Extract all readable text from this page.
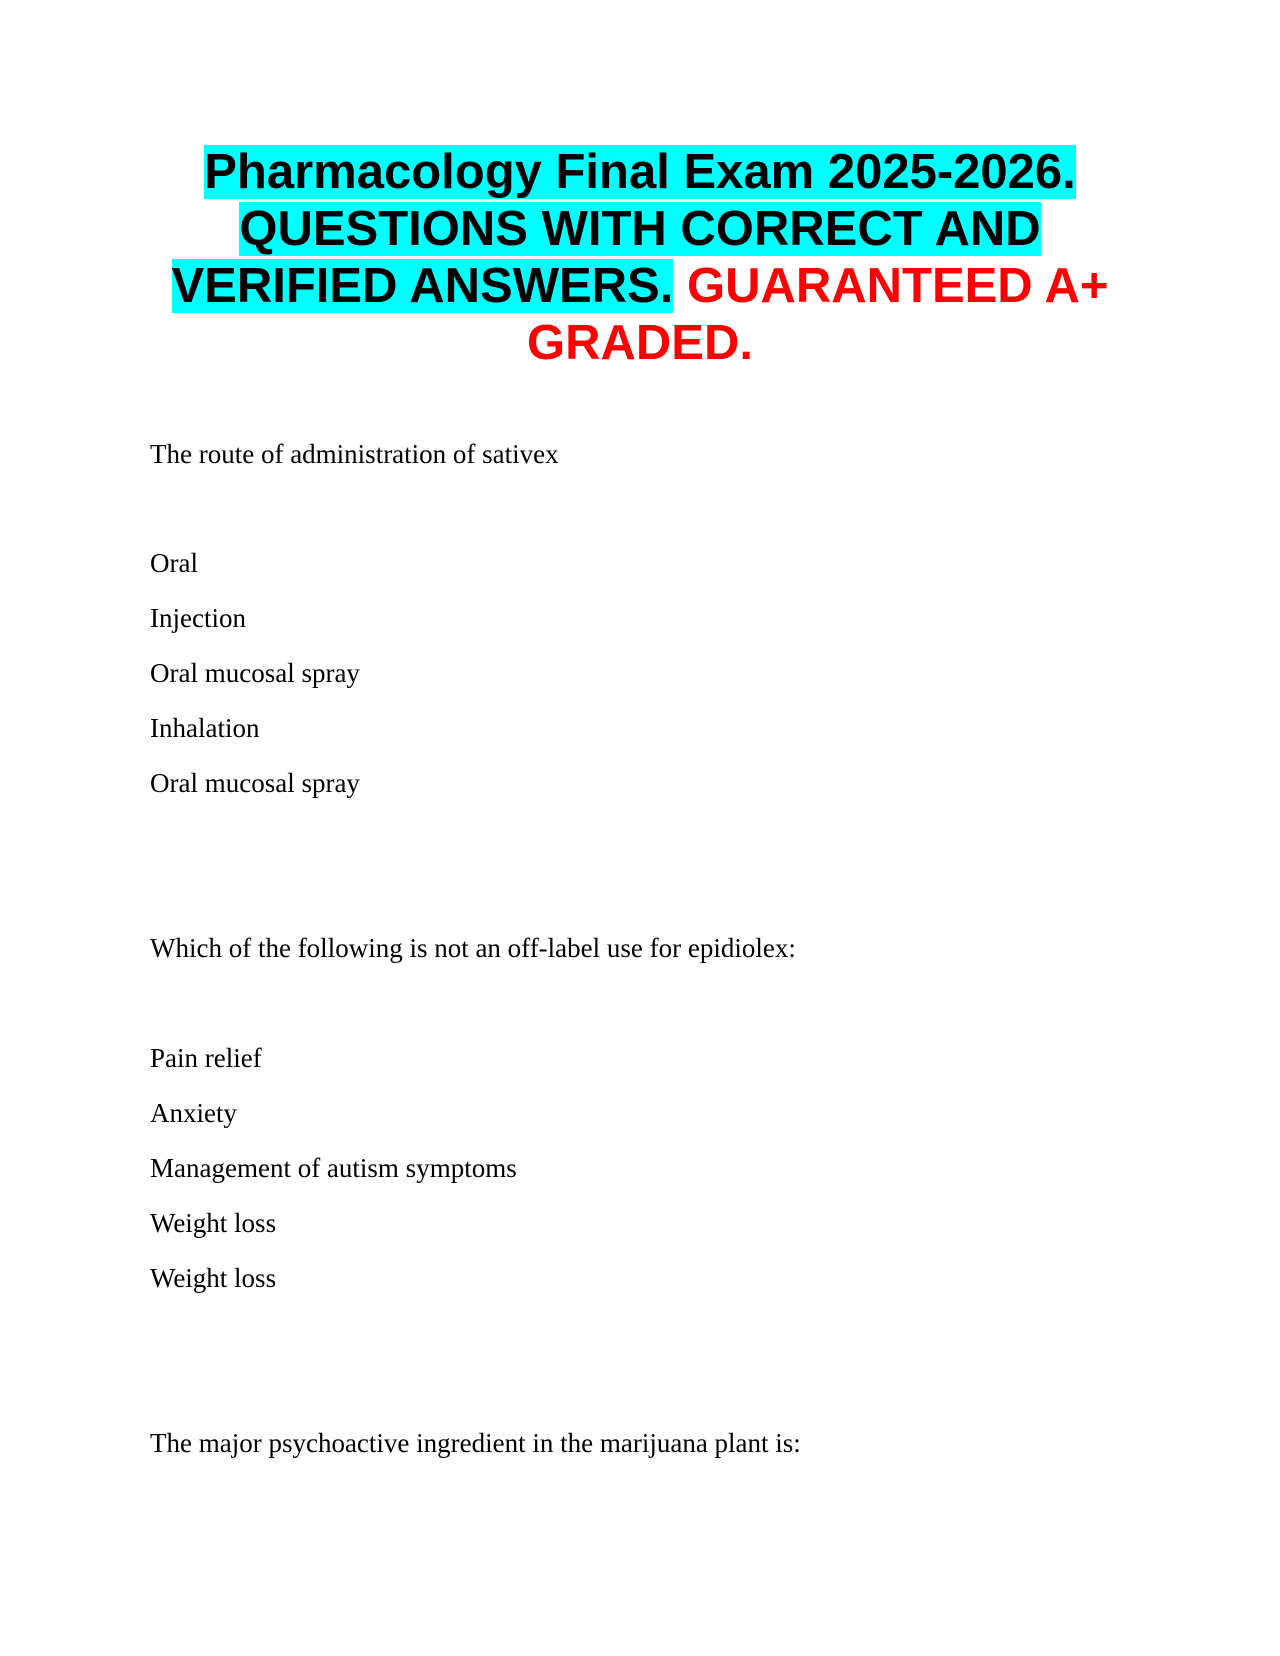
Pharmacology Final Exam 2025-2026.
QUESTIONS WITH CORRECT AND
VERIFIED ANSWERS. GUARANTEED A+
GRADED.
The route of administration of sativex
Oral
Injection
Oral mucosal spray
Inhalation
Oral mucosal spray
Which of the following is not an off-label use for epidiolex:
Pain relief
Anxiety
Management of autism symptoms
Weight loss
Weight loss
The major psychoactive ingredient in the marijuana plant is:
